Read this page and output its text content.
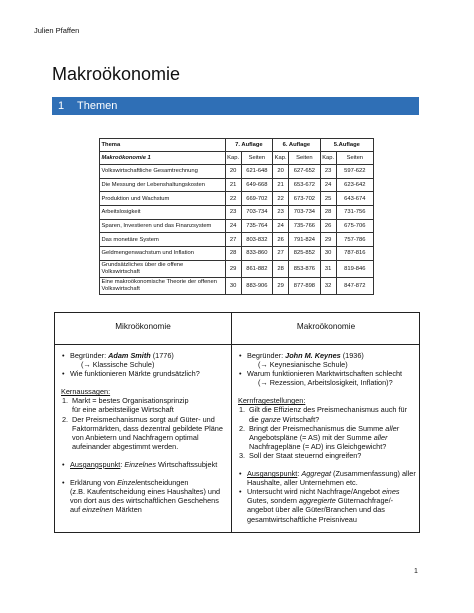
Julien Pfaffen
Makroökonomie
1 Themen
Thema	7. Auflage		6. Auflage		5.Auflage	
Makroökonomie 1	Kap.	Seiten	Kap.	Seiten	Kap.	Seiten
Volkswirtschaftliche Gesamtrechnung	20	621-648	20	627-652	23	597-622
Die Messung der Lebenshaltungskosten	21	649-668	21	653-672	24	623-642
Produktion und Wachstum	22	669-702	22	673-702	25	643-674
Arbeitslosigkeit	23	703-734	23	703-734	28	731-756
Sparen, Investieren und das Finanzsystem	24	735-764	24	735-766	26	675-706
Das monetäre System	27	803-832	26	791-824	29	757-786
Geldmengenwachstum und Inflation	28	833-860	27	825-852	30	787-816
Grundsätzliches über die offene Volkswirtschaft	29	861-882	28	853-876	31	819-846
Eine makroökonomische Theorie der offenen Volkswirtschaft	30	883-906	29	877-898	32	847-872
Mikroökonomie
• Begründer: Adam Smith (1776)
(→ Klassische Schule)
• Wie funktionieren Märkte grundsätzlich?
Kernaussagen:
1. Markt = bestes Organisationsprinzip
für eine arbeitsteilige Wirtschaft
2. Der Preismechanismus sorgt auf Güter- und Faktormärkten, dass dezentral gebildete Pläne von Anbietern und Nachfragern optimal aufeinander abgestimmt werden.
• Ausgangspunkt: Einzelnes Wirtschaftssubjekt
• Erklärung von Einzelentscheidungen
(z.B. Kaufentscheidung eines Haushaltes) und von dort aus des wirtschaftlichen Geschehens auf einzelnen Märkten
Makroökonomie
• Begründer: John M. Keynes (1936)
(→ Keynesianische Schule)
• Warum funktionieren Marktwirtschaften schlecht
(→ Rezession, Arbeitslosigkeit, Inflation)?
Kernfragestellungen:
1. Gilt die Effizienz des Preismechanismus auch für die ganze Wirtschaft?
2. Bringt der Preismechanismus die Summe aller Angebotspläne (= AS) mit der Summe aller Nachfragepläne (= AD) ins Gleichgewicht?
3. Soll der Staat steuernd eingreifen?
• Ausgangspunkt: Aggregat (Zusammenfassung) aller Haushalte, aller Unternehmen etc.
• Untersucht wird nicht Nachfrage/Angebot eines Gutes, sondern aggregierte Güternachfrage/-angebot über alle Güter/Branchen und das gesamtwirtschaftliche Preisniveau
1
